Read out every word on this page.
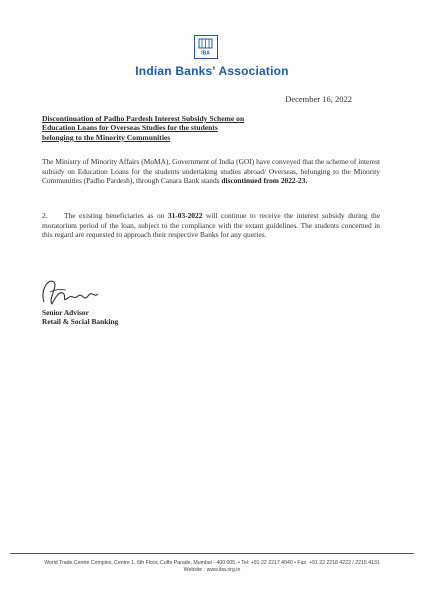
IBA
Indian Banks' Association
December 16, 2022
Discontinuation of Padho Pardesh Interest Subsidy Scheme on
Education Loans for Overseas Studies for the students
belonging to the Minority Communities
The Ministry of Minority Affairs (MoMA), Government of India (GOI) have conveyed that the scheme of interest subsidy on Education Loans for the students undertaking studies abroad/ Overseas, belonging to the Minority Communities (Padho Pardesh), through Canara Bank stands discontinued from 2022-23.
2. The existing beneficiaries as on 31-03-2022 will continue to receive the interest subsidy during the moratorium period of the loan, subject to the compliance with the extant guidelines. The students concerned in this regard are requested to approach their respective Banks for any queries.
Senior Advisor
Retail & Social Banking
World Trade Centre Complex, Centre 1, 6th Floor, Cuffe Parade, Mumbai - 400 005. • Tel: +91 22 2217 4040 • Fax: +91 22 2218 4222 / 2215 4131
Website : www.iba.org.in
